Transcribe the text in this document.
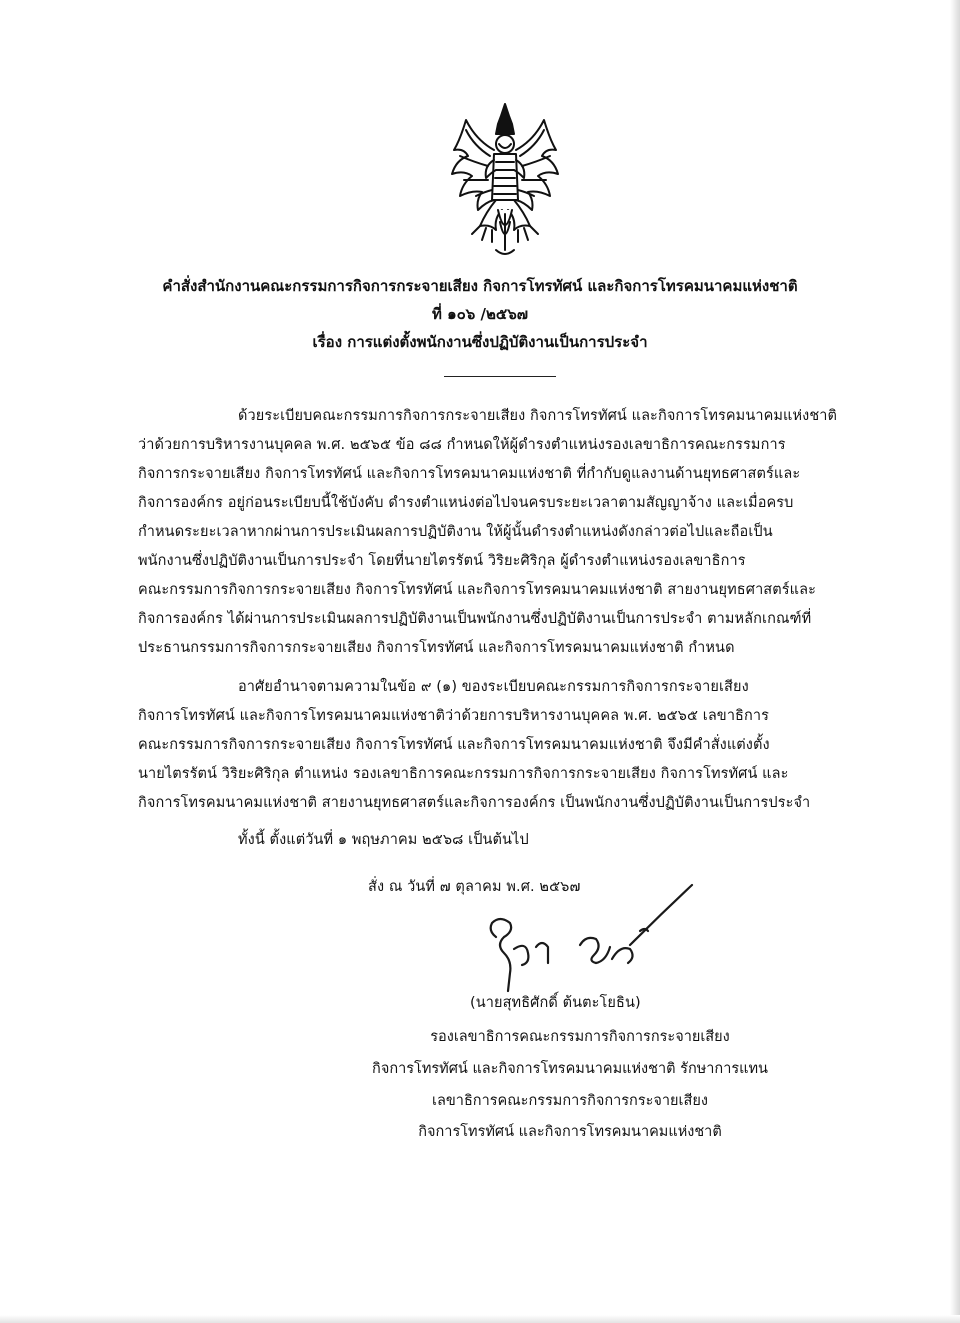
คำสั่งสำนักงานคณะกรรมการกิจการกระจายเสียง กิจการโทรทัศน์ และกิจการโทรคมนาคมแห่งชาติ
ที่ ๑๐๖ /๒๕๖๗
เรื่อง การแต่งตั้งพนักงานซึ่งปฏิบัติงานเป็นการประจำ
ด้วยระเบียบคณะกรรมการกิจการกระจายเสียง กิจการโทรทัศน์ และกิจการโทรคมนาคมแห่งชาติ
ว่าด้วยการบริหารงานบุคคล พ.ศ. ๒๕๖๕ ข้อ ๘๘ กำหนดให้ผู้ดำรงตำแหน่งรองเลขาธิการคณะกรรมการ
กิจการกระจายเสียง กิจการโทรทัศน์ และกิจการโทรคมนาคมแห่งชาติ ที่กำกับดูแลงานด้านยุทธศาสตร์และ
กิจการองค์กร อยู่ก่อนระเบียบนี้ใช้บังคับ ดำรงตำแหน่งต่อไปจนครบระยะเวลาตามสัญญาจ้าง และเมื่อครบ
กำหนดระยะเวลาหากผ่านการประเมินผลการปฏิบัติงาน ให้ผู้นั้นดำรงตำแหน่งดังกล่าวต่อไปและถือเป็น
พนักงานซึ่งปฏิบัติงานเป็นการประจำ โดยที่นายไตรรัตน์ วิริยะศิริกุล ผู้ดำรงตำแหน่งรองเลขาธิการ
คณะกรรมการกิจการกระจายเสียง กิจการโทรทัศน์ และกิจการโทรคมนาคมแห่งชาติ สายงานยุทธศาสตร์และ
กิจการองค์กร ได้ผ่านการประเมินผลการปฏิบัติงานเป็นพนักงานซึ่งปฏิบัติงานเป็นการประจำ ตามหลักเกณฑ์ที่
ประธานกรรมการกิจการกระจายเสียง กิจการโทรทัศน์ และกิจการโทรคมนาคมแห่งชาติ กำหนด
อาศัยอำนาจตามความในข้อ ๙ (๑) ของระเบียบคณะกรรมการกิจการกระจายเสียง
กิจการโทรทัศน์ และกิจการโทรคมนาคมแห่งชาติว่าด้วยการบริหารงานบุคคล พ.ศ. ๒๕๖๕ เลขาธิการ
คณะกรรมการกิจการกระจายเสียง กิจการโทรทัศน์ และกิจการโทรคมนาคมแห่งชาติ จึงมีคำสั่งแต่งตั้ง
นายไตรรัตน์ วิริยะศิริกุล ตำแหน่ง รองเลขาธิการคณะกรรมการกิจการกระจายเสียง กิจการโทรทัศน์ และ
กิจการโทรคมนาคมแห่งชาติ สายงานยุทธศาสตร์และกิจการองค์กร เป็นพนักงานซึ่งปฏิบัติงานเป็นการประจำ
ทั้งนี้ ตั้งแต่วันที่ ๑ พฤษภาคม ๒๕๖๘ เป็นต้นไป
สั่ง ณ วันที่ ๗ ตุลาคม พ.ศ. ๒๕๖๗
(นายสุทธิศักดิ์ ต้นตะโยธิน)
รองเลขาธิการคณะกรรมการกิจการกระจายเสียง
กิจการโทรทัศน์ และกิจการโทรคมนาคมแห่งชาติ รักษาการแทน
เลขาธิการคณะกรรมการกิจการกระจายเสียง
กิจการโทรทัศน์ และกิจการโทรคมนาคมแห่งชาติ
